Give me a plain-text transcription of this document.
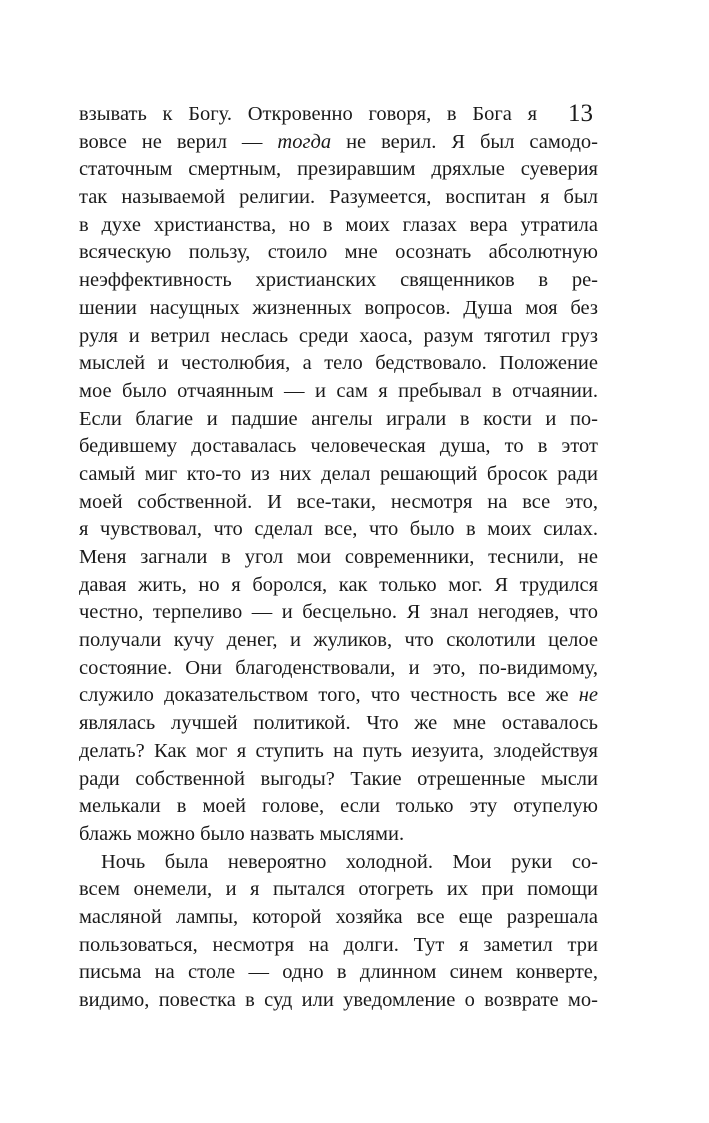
13
взывать к Богу. Откровенно говоря, в Бога я
вовсе не верил — тогда не верил. Я был самодо-
статочным смертным, презиравшим дряхлые суеверия
так называемой религии. Разумеется, воспитан я был
в духе христианства, но в моих глазах вера утратила
всяческую пользу, стоило мне осознать абсолютную
неэффективность христианских священников в ре-
шении насущных жизненных вопросов. Душа моя без
руля и ветрил неслась среди хаоса, разум тяготил груз
мыслей и честолюбия, а тело бедствовало. Положение
мое было отчаянным — и сам я пребывал в отчаянии.
Если благие и падшие ангелы играли в кости и по-
бедившему доставалась человеческая душа, то в этот
самый миг кто-то из них делал решающий бросок ради
моей собственной. И все-таки, несмотря на все это,
я чувствовал, что сделал все, что было в моих силах.
Меня загнали в угол мои современники, теснили, не
давая жить, но я боролся, как только мог. Я трудился
честно, терпеливо — и бесцельно. Я знал негодяев, что
получали кучу денег, и жуликов, что сколотили целое
состояние. Они благоденствовали, и это, по-видимому,
служило доказательством того, что честность все же не
являлась лучшей политикой. Что же мне оставалось
делать? Как мог я ступить на путь иезуита, злодействуя
ради собственной выгоды? Такие отрешенные мысли
мелькали в моей голове, если только эту отупелую
блажь можно было назвать мыслями.
Ночь была невероятно холодной. Мои руки со-
всем онемели, и я пытался отогреть их при помощи
масляной лампы, которой хозяйка все еще разрешала
пользоваться, несмотря на долги. Тут я заметил три
письма на столе — одно в длинном синем конверте,
видимо, повестка в суд или уведомление о возврате мо-
